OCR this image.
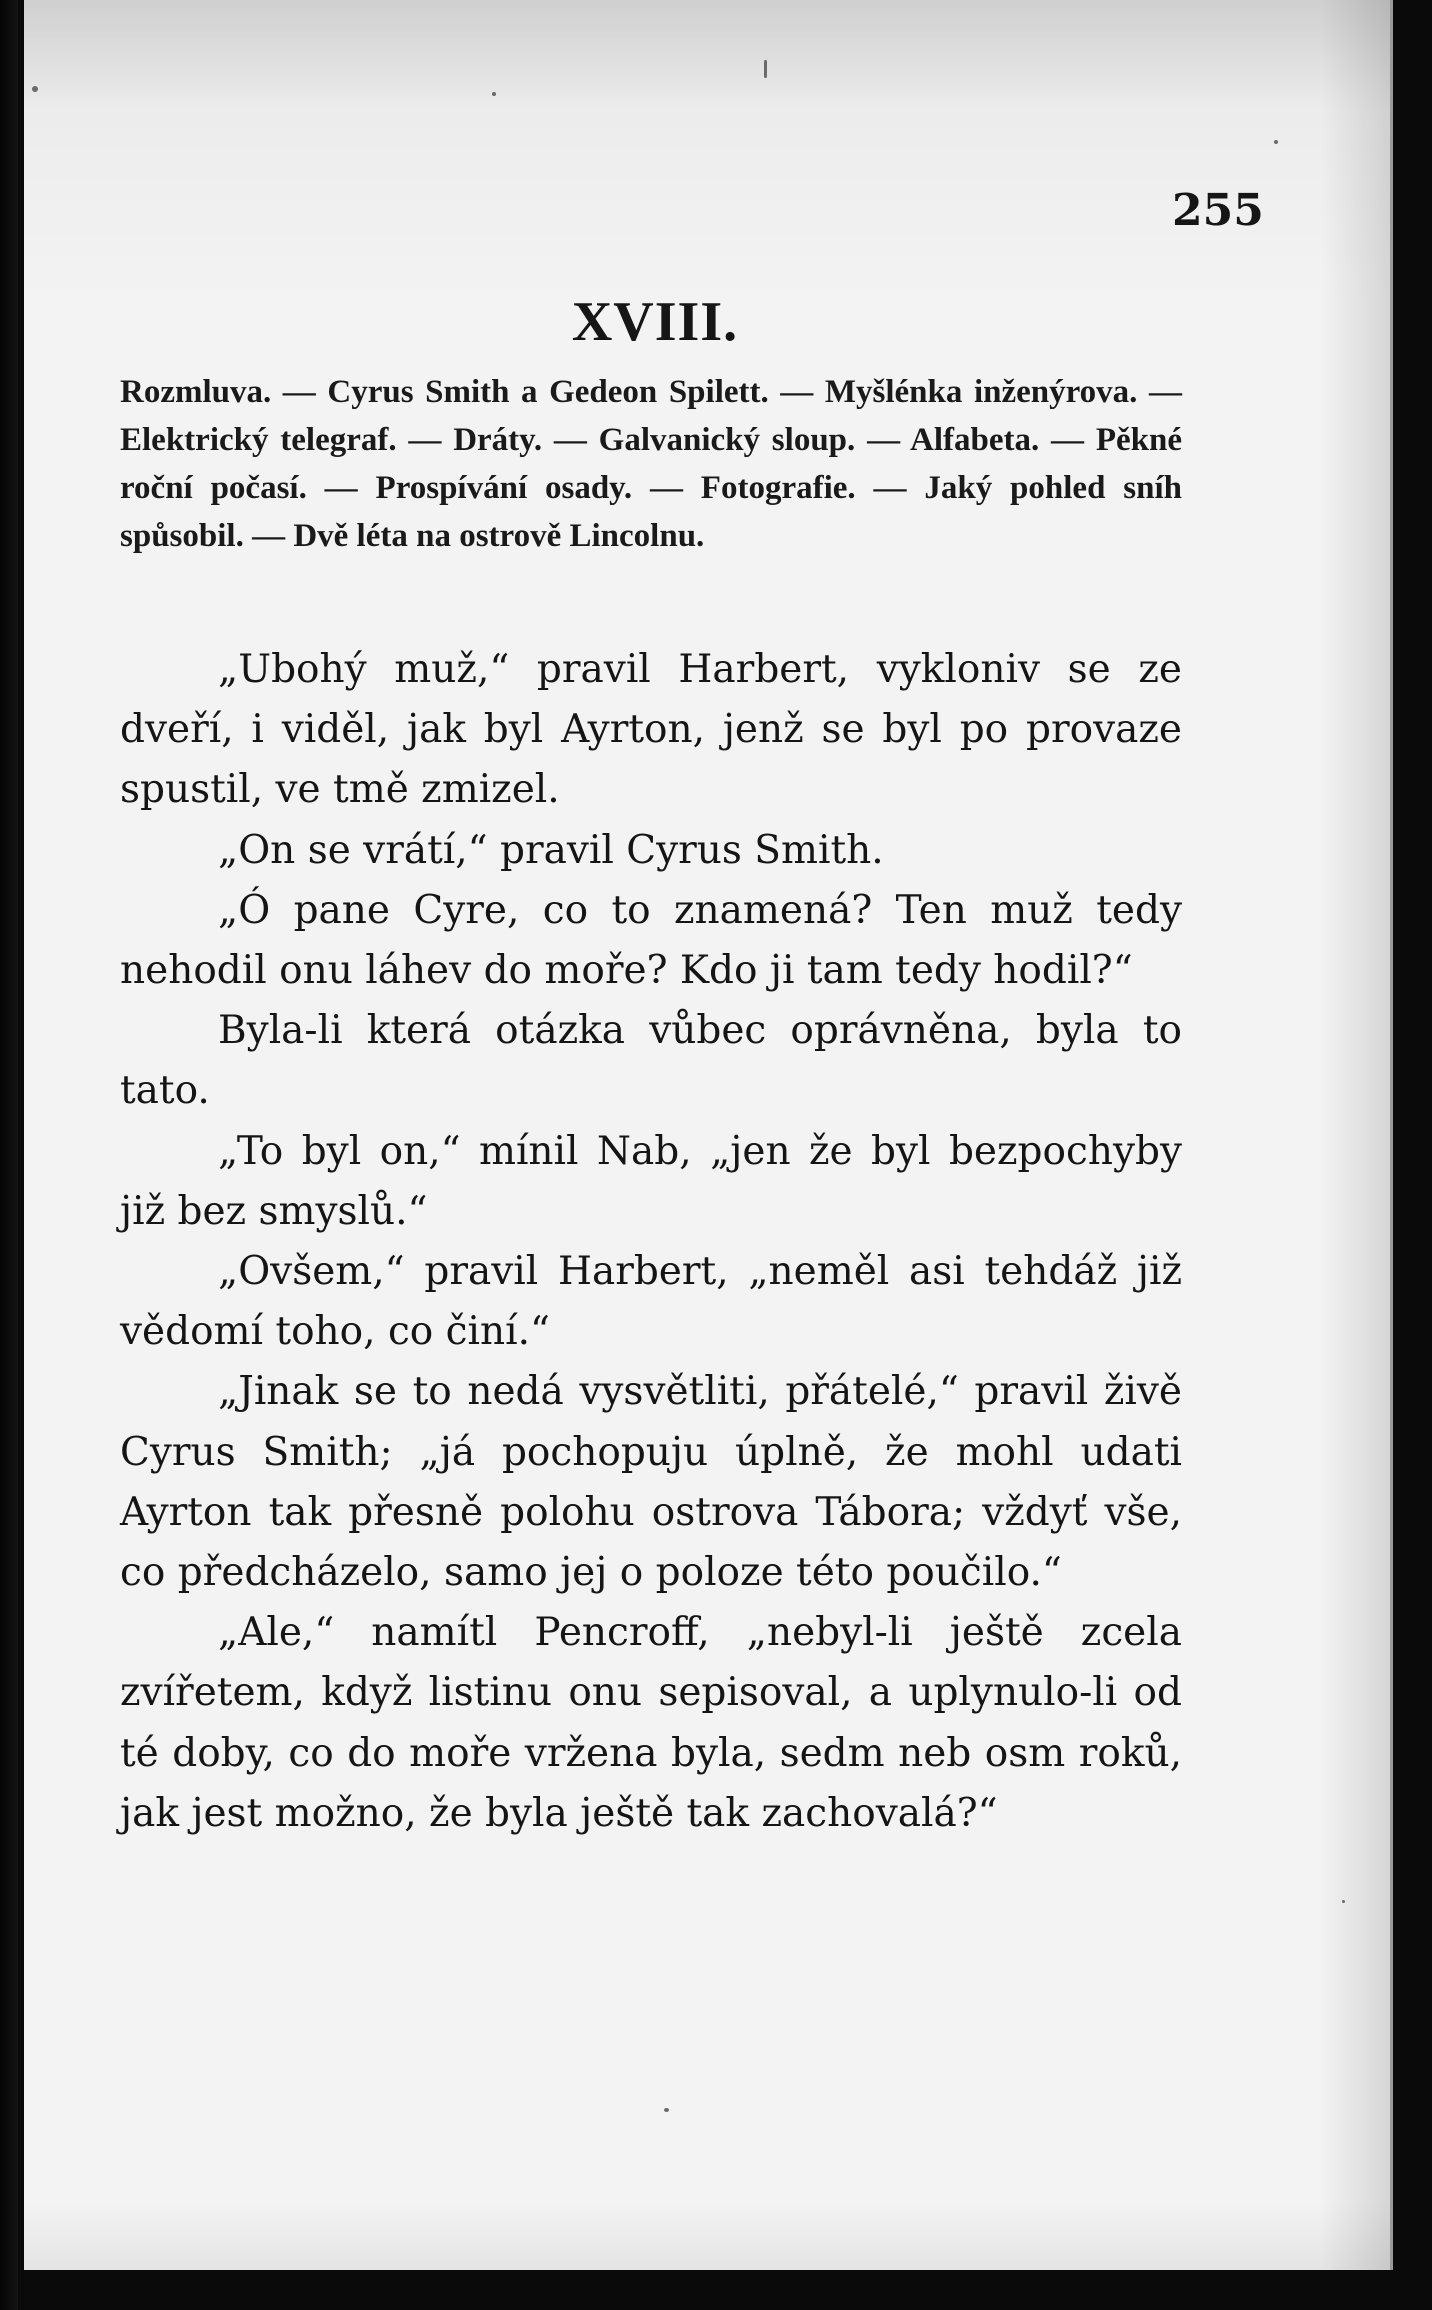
255
XVIII.
Rozmluva. — Cyrus Smith a Gedeon Spilett. — Myšlénka inženýrova. — Elektrický telegraf. — Dráty. — Galvanický sloup. — Alfabeta. — Pěkné roční počasí. — Prospívání osady. — Fotografie. — Jaký pohled sníh spůsobil. — Dvě léta na ostrově Lincolnu.

„Ubohý muž,“ pravil Harbert, vykloniv se ze dveří, i viděl, jak byl Ayrton, jenž se byl po provaze spustil, ve tmě zmizel.

„On se vrátí,“ pravil Cyrus Smith.

„Ó pane Cyre, co to znamená? Ten muž tedy nehodil onu láhev do moře? Kdo ji tam tedy hodil?“

Byla-li která otázka vůbec oprávněna, byla to tato.

„To byl on,“ mínil Nab, „jen že byl bezpochyby již bez smyslů.“

„Ovšem,“ pravil Harbert, „neměl asi tehdáž již vědomí toho, co činí.“

„Jinak se to nedá vysvětliti, přátelé,“ pravil živě Cyrus Smith; „já pochopuju úplně, že mohl udati Ayrton tak přesně polohu ostrova Tábora; vždyť vše, co předcházelo, samo jej o poloze této poučilo.“

„Ale,“ namítl Pencroff, „nebyl-li ještě zcela zvířetem, když listinu onu sepisoval, a uplynulo-li od té doby, co do moře vržena byla, sedm neb osm roků, jak jest možno, že byla ještě tak zachovalá?“
